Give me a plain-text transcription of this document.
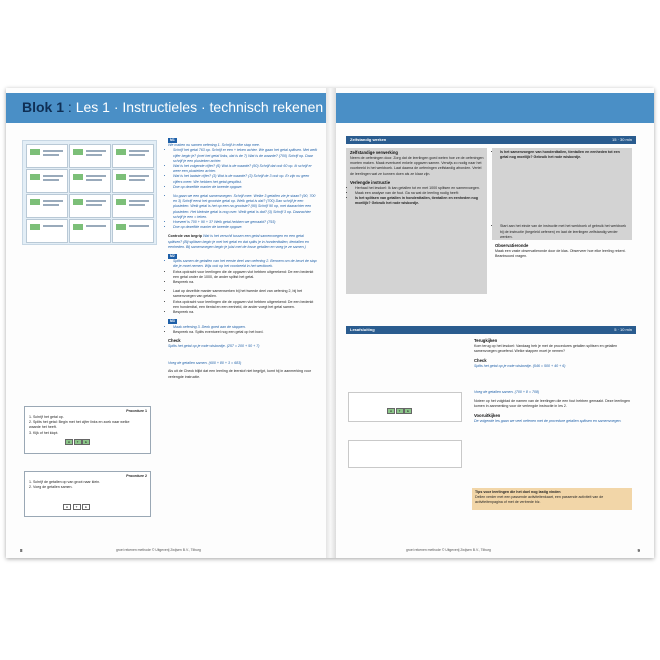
Blok 1 : Les 1 · Instructieles · technisch rekenen
M1

We maken nu samen oefening 1. Schrijf in elke stap mee.

• Schrijf het getal 763 op. Schrijf er een + teken achter. We gaan het getal splitsen. Met welk cijfer begin je? (met het getal links, dat is de 7) Wat is de waarde? (700) Schrijf op. Daar schrijf je een plusteken achter.
• Wat is het volgende cijfer? (6) Wat is de waarde? (60) Schrijf dat ook 60 op. Ik schrijf er weer een plusteken achter.
• Wat is het laatste cijfer? (3) Wat is de waarde? (3) Schrijf de 3 ook op. Er zijn nu geen cijfers meer. We hebben het getal gesplitst.
• Doe op dezelfde manier de tweede opgave.
• Nu gaan we een getal samenvoegen. Schrijf mee. Welke 3 getallen zie je staan? (90, 700 en 3) Schrijf eerst het grootste getal op. Welk getal is dat? (700) Dan schrijf je een plusteken. Welk getal is het op een na grootste? (90) Schrijf 90 op, met daarachter een plusteken. Het kleinste getal is nog over. Welk getal is dat? (3) Schrijf 3 op. Daarachter schrijf je een = teken.
• Hoeveel is 700 + 90 + 3? Welk getal hebben we gemaakt? (793)
• Doe op dezelfde manier de tweede opgave.

Controle van begrip Wat is het verschil tussen een getal samenvoegen en een getal splitsen? (Bij splitsen begin je met het getal en dat splits je in honderdtallen, tientallen en eenheden. Bij samenvoegen begin je juist met de losse getallen en voeg je ze samen.)

M2
• Splits samen de getallen van het eerste deel van oefening 2. Benoem om de beurt de stap die je moet nemen. Wijs ook op het voorbeeld in het werkboek.
• Extra opdracht voor leerlingen die de opgaven vlot hebben uitgerekend: De een bedenkt een getal onder de 1000, de ander splitst het getal.
• Bespreek na.
• Laat op dezelfde manier samenwerken bij het tweede deel van oefening 2, bij het samenvoegen van getallen.
• Extra opdracht voor leerlingen die de opgaven vlot hebben uitgerekend: De een bedenkt een honderdtal, een tiental en een eenheid, de ander voegt het getal samen.
• Bespreek na.
M3
• Maak oefening 3. Denk goed aan de stappen.
• Bespreek na. Splits eventueel nog een getal op het bord.

Check

Splits het getal op je rode wisbordje. (257 = 200 + 50 + 7)

Voeg de getallen samen. (600 + 80 + 3 = 683)

Als uit de Check blijkt dat een leerling de leerstof niet begrijpt, komt hij in aanmerking voor verlengde instructie.

Procedure 1
1. Schrijf het getal op.
2. Splits het getal: Begin met het cijfer links en zoek naar welke waarde het heeft.
3. Kijk of het klopt.
H T E
Procedure 2
1. Schrijf de getallen op van groot naar klein.
2. Voeg de getallen samen.
H	T	E
groei rekenen methode © Uitgeverij Zwijsen B.V., Tilburg
8
Zelfstandig werken	15 · 30 min

Zelfstandige verwerking

Neem de oefeningen door. Zorg dat de leerlingen goed weten hoe ze de oefeningen moeten maken. Maak eventueel enkele opgaven samen. Verwijs zo nodig naar het voorbeeld in het werkboek. Laat daarna de oefeningen zelfstandig afronden. Vertel de leerlingen wat ze kunnen doen als ze klaar zijn.

Verlengde instructie

• Herhaal het lesdoel: Ik kan getallen tot en met 1000 splitsen en samenvoegen.
• Maak een analyse van de fout. Ga na wat de leerling nodig heeft:
• Is het splitsen van getallen in honderdtallen, tientallen en eenheden nog moeilijk? Gebruik het rode wisbordje.
• Is het samenvoegen van honderdtallen, tientallen en eenheden tot een getal nog moeilijk? Gebruik het rode wisbordje.
• Start aan het einde van de instructie met het werkboek of gebruik het werkboek bij de instructie (begeleid oefenen) en laat de leerlingen zelfstandig verder werken.

Observatieronde

Maak een vaste observatieronde door de klas. Observeer hoe elke leerling rekent. Beantwoord vragen.

Lesafsluiting	5 · 10 min
H T E

Terugkijken

Kom terug op het lesdoel: Vandaag heb je met de procedures getallen splitsen en getallen samenvoegen geoefend. Welke stappen moet je nemen?

Check

Splits het getal op je rode wisbordje. (546 = 500 + 40 + 6)

Voeg de getallen samen. (700 + 8 = 708)

Noteer op het volgblad de namen van de leerlingen die een fout hebben gemaakt. Deze leerlingen komen in aanmerking voor de verlengde instructie in les 2.

Vooruitkijken

De volgende les gaan we veel oefenen met de procedure getallen splitsen en samenvoegen.

Tips voor leerlingen die het doel nog lastig vinden

Dellen verder met een passende activiteitenkaart, een passende activiteit van de activiteitenpagina of met de verbrede blz.

groei rekenen methode © Uitgeverij Zwijsen B.V., Tilburg	9
